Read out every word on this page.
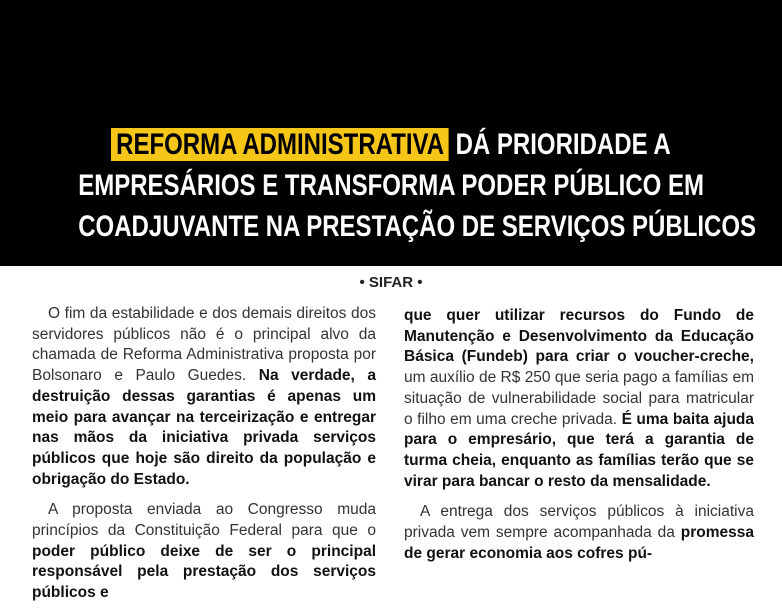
REFORMA ADMINISTRATIVA DÁ PRIORIDADE A
EMPRESÁRIOS E TRANSFORMA PODER PÚBLICO EM
COADJUVANTE NA PRESTAÇÃO DE SERVIÇOS PÚBLICOS
• SIFAR •

O fim da estabilidade e dos demais direitos dos servidores públicos não é o principal alvo da chamada de Reforma Administrativa proposta por Bolsonaro e Paulo Guedes. Na verdade, a destruição dessas garantias é apenas um meio para avançar na terceirização e entregar nas mãos da iniciativa privada serviços públicos que hoje são direito da população e obrigação do Estado.

A proposta enviada ao Congresso muda princípios da Constituição Federal para que o poder público deixe de ser o principal responsável pela prestação dos serviços públicos e

que quer utilizar recursos do Fundo de Manutenção e Desenvolvimento da Educação Básica (Fundeb) para criar o voucher-creche, um auxílio de R$ 250 que seria pago a famílias em situação de vulnerabilidade social para matricular o filho em uma creche privada. É uma baita ajuda para o empresário, que terá a garantia de turma cheia, enquanto as famílias terão que se virar para bancar o resto da mensalidade.

A entrega dos serviços públicos à iniciativa privada vem sempre acompanhada da promessa de gerar economia aos cofres pú-
